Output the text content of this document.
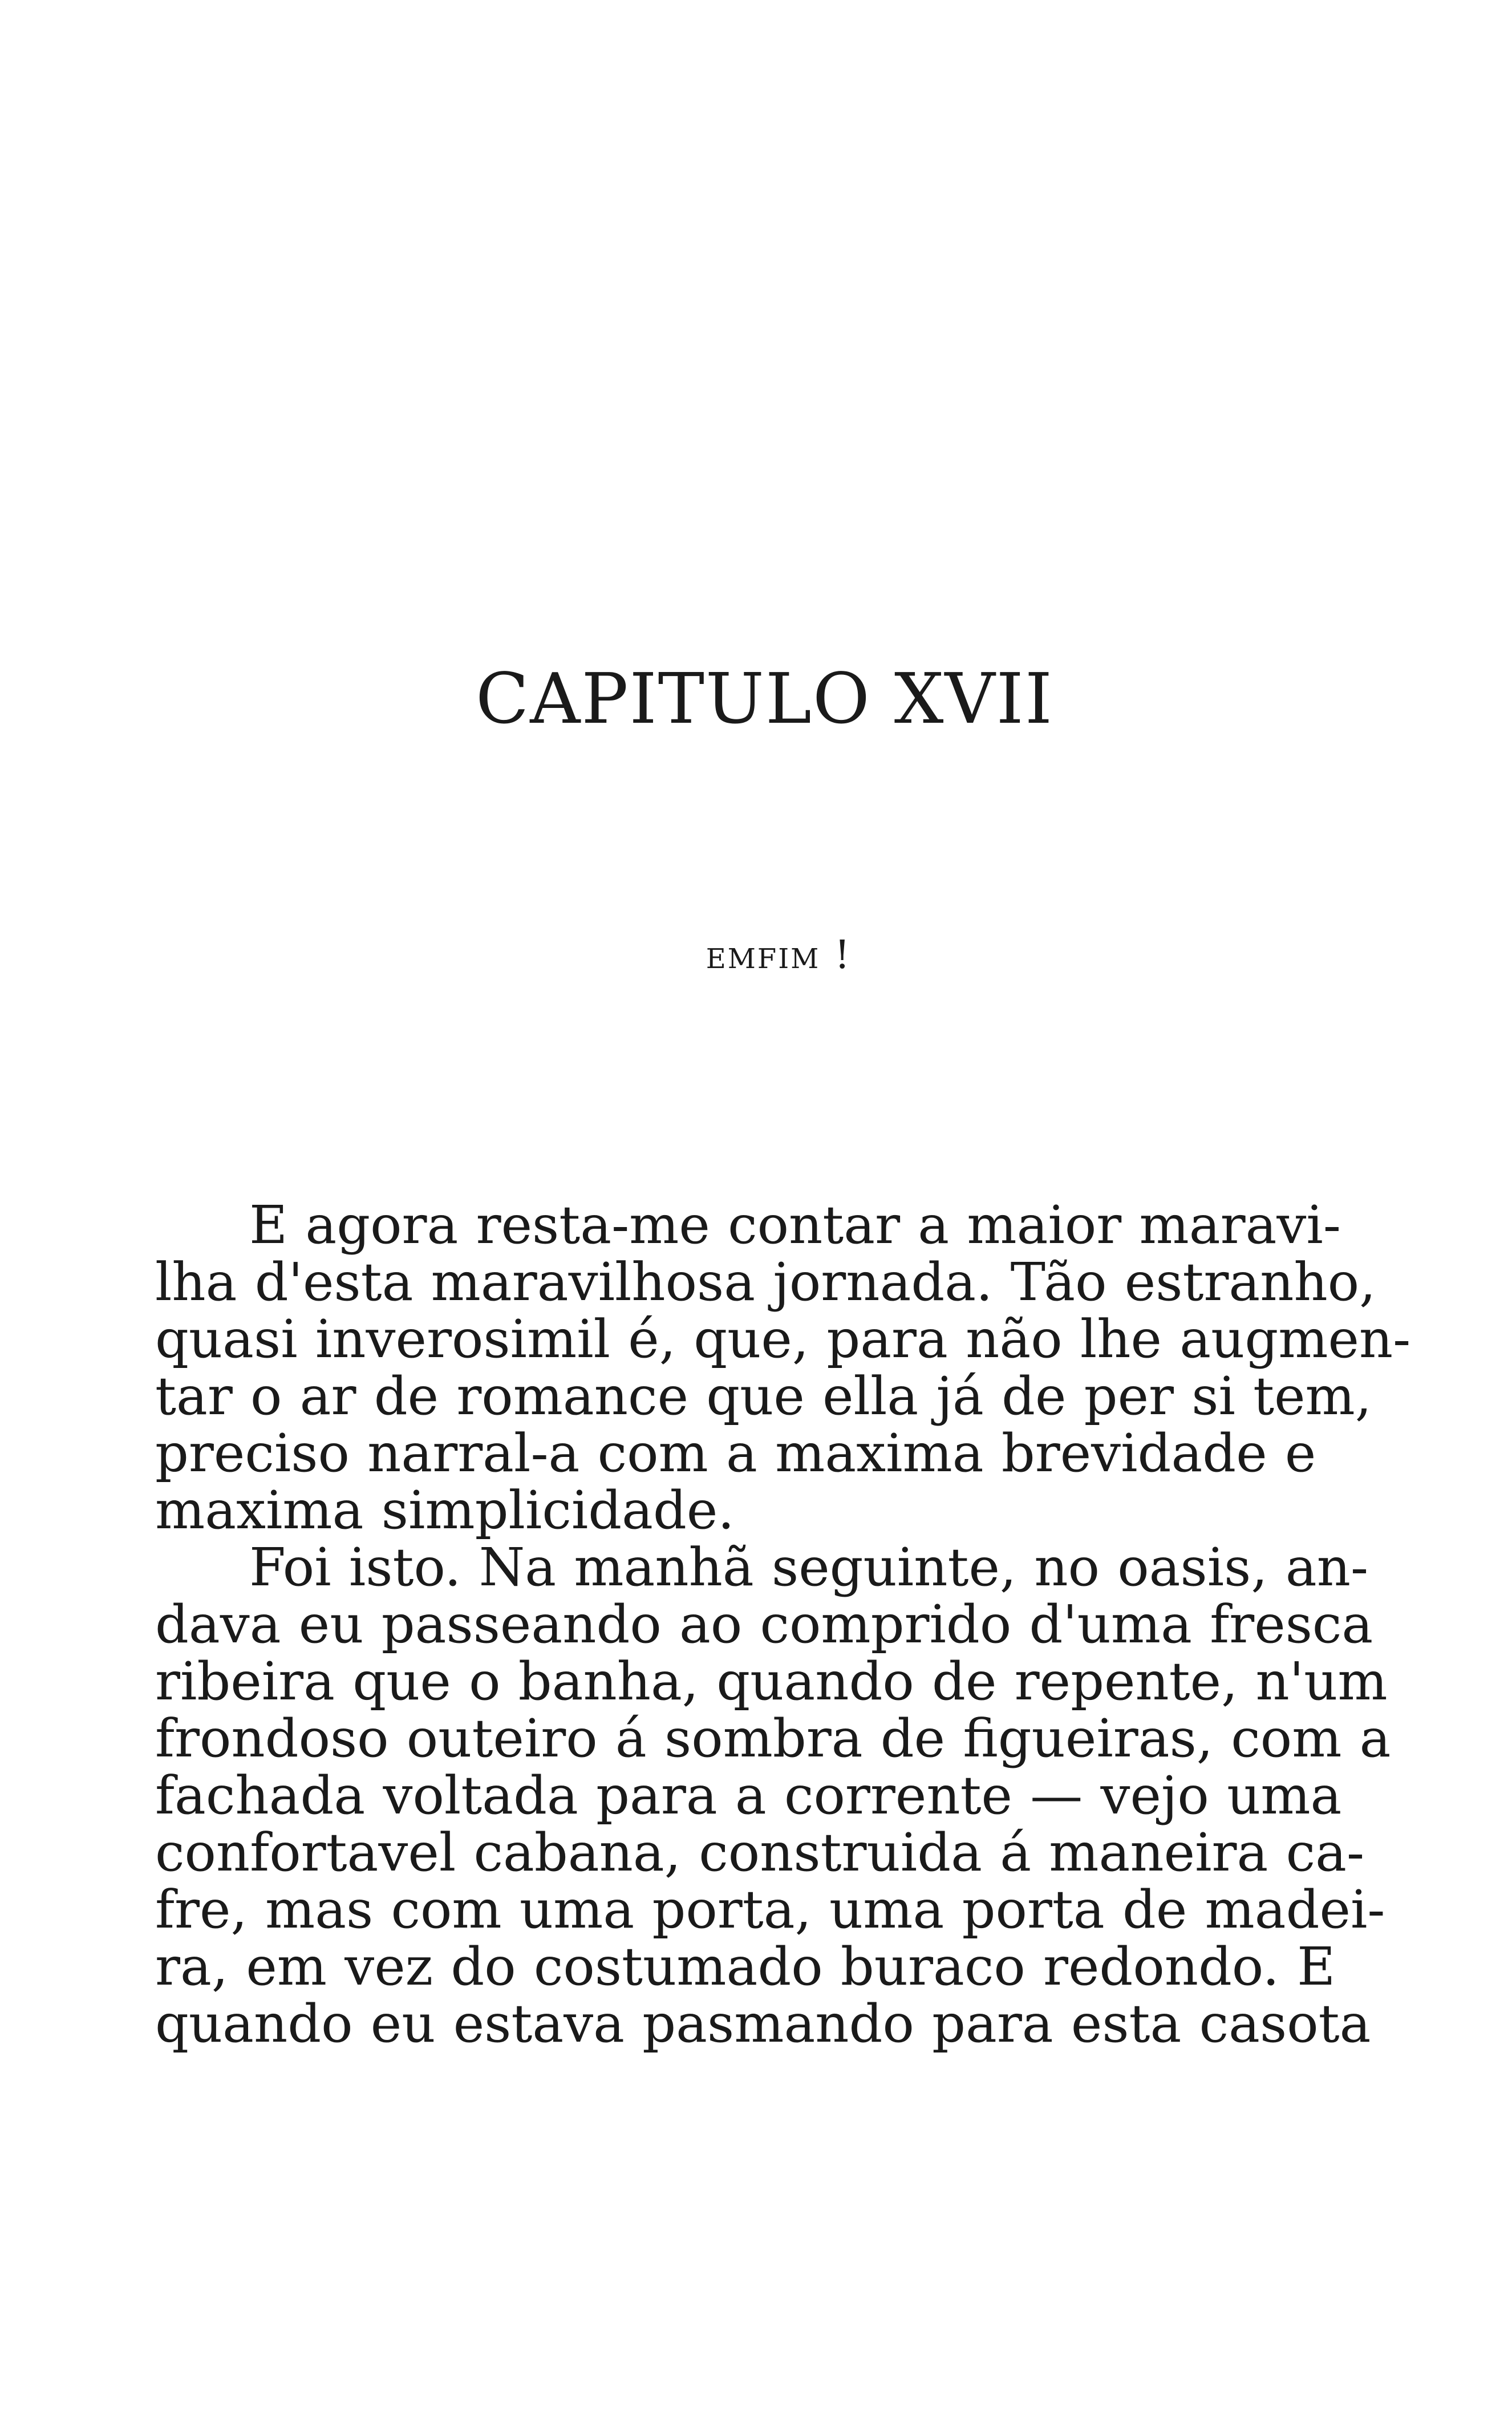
CAPITULO XVII
emfim !
E agora resta-me contar a maior maravi-
lha d'esta maravilhosa jornada. Tão estranho,
quasi inverosimil é, que, para não lhe augmen-
tar o ar de romance que ella já de per si tem,
preciso narral-a com a maxima brevidade e
maxima simplicidade.
Foi isto. Na manhã seguinte, no oasis, an-
dava eu passeando ao comprido d'uma fresca
ribeira que o banha, quando de repente, n'um
frondoso outeiro á sombra de figueiras, com a
fachada voltada para a corrente — vejo uma
confortavel cabana, construida á maneira ca-
fre, mas com uma porta, uma porta de madei-
ra, em vez do costumado buraco redondo. E
quando eu estava pasmando para esta casota
